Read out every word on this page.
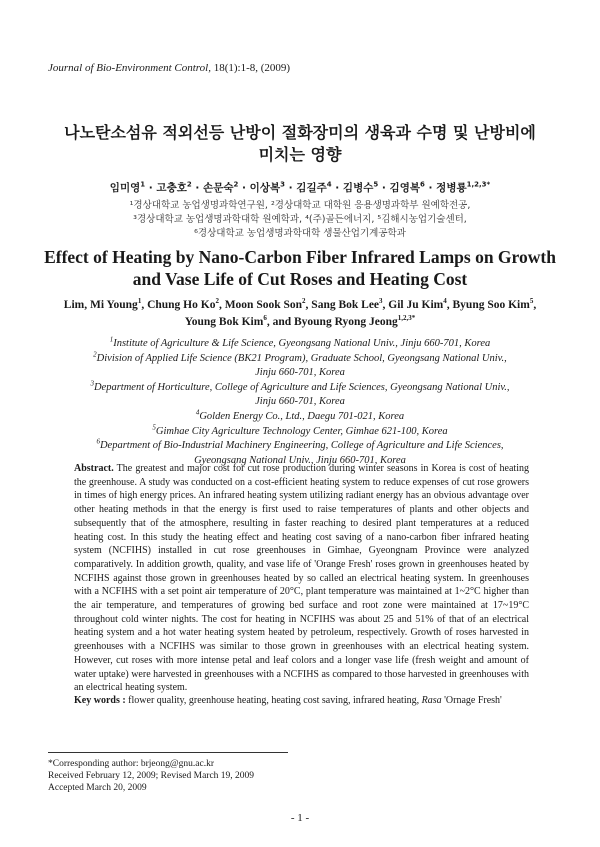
Journal of Bio-Environment Control, 18(1):1-8, (2009)
나노탄소섬유 적외선등 난방이 절화장미의 생육과 수명 및 난방비에
미치는 영향
임미영$^1$ · 고충호$^2$ · 손문숙$^2$ · 이상복$^3$ · 김길주$^4$ · 김병수$^5$ · 김영복$^6$ · 정병룡$^{1,2,3*}$
¹경상대학교 농업생명과학연구원, ²경상대학교 대학원 응용생명과학부 원예학전공,
³경상대학교 농업생명과학대학 원예학과, ⁴(주)골든에너지, ⁵김해시농업기술센터,
⁶경상대학교 농업생명과학대학 생물산업기계공학과
Effect of Heating by Nano-Carbon Fiber Infrared Lamps on Growth
and Vase Life of Cut Roses and Heating Cost
Lim, Mi Young$^1$, Chung Ho Ko$^2$, Moon Sook Son$^2$, Sang Bok Lee$^3$, Gil Ju Kim$^4$, Byung Soo Kim$^5$,
Young Bok Kim$^6$, and Byoung Ryong Jeong$^{1,2,3*}$
$^1$Institute of Agriculture & Life Science, Gyeongsang National Univ., Jinju 660-701, Korea
$^2$Division of Applied Life Science (BK21 Program), Graduate School, Gyeongsang National Univ.,
Jinju 660-701, Korea
$^3$Department of Horticulture, College of Agriculture and Life Sciences, Gyeongsang National Univ.,
Jinju 660-701, Korea
$^4$Golden Energy Co., Ltd., Daegu 701-021, Korea
$^5$Gimhae City Agriculture Technology Center, Gimhae 621-100, Korea
$^6$Department of Bio-Industrial Machinery Engineering, College of Agriculture and Life Sciences,
Gyeongsang National Univ., Jinju 660-701, Korea
Abstract. The greatest and major cost for cut rose production during winter seasons in Korea is cost of heating the greenhouse. A study was conducted on a cost-efficient heating system to reduce expenses of cut rose growers in times of high energy prices. An infrared heating system utilizing radiant energy has an obvious advantage over other heating methods in that the energy is first used to raise temperatures of plants and other objects and subsequently that of the atmosphere, resulting in faster reaching to desired plant temperatures at a reduced heating cost. In this study the heating effect and heating cost saving of a nano-carbon fiber infrared heating system (NCFIHS) installed in cut rose greenhouses in Gimhae, Gyeongnam Province were analyzed comparatively. In addition growth, quality, and vase life of 'Orange Fresh' roses grown in greenhouses heated by NCFIHS against those grown in greenhouses heated by so called an electrical heating system. In greenhouses with a NCFIHS with a set point air temperature of 20°C, plant temperature was maintained at 1~2°C higher than the air temperature, and temperatures of growing bed surface and root zone were maintained at 17~19°C throughout cold winter nights. The cost for heating in NCFIHS was about 25 and 51% of that of an electrical heating system and a hot water heating system heated by petroleum, respectively. Growth of roses harvested in greenhouses with a NCFIHS was similar to those grown in greenhouses with an electrical heating system. However, cut roses with more intense petal and leaf colors and a longer vase life (fresh weight and amount of water uptake) were harvested in greenhouses with a NCFIHS as compared to those harvested in greenhouses with an electrical heating system.
Key words : flower quality, greenhouse heating, heating cost saving, infrared heating, Rasa 'Ornage Fresh'
*Corresponding author: brjeong@gnu.ac.kr
Received February 12, 2009; Revised March 19, 2009
Accepted March 20, 2009
- 1 -
